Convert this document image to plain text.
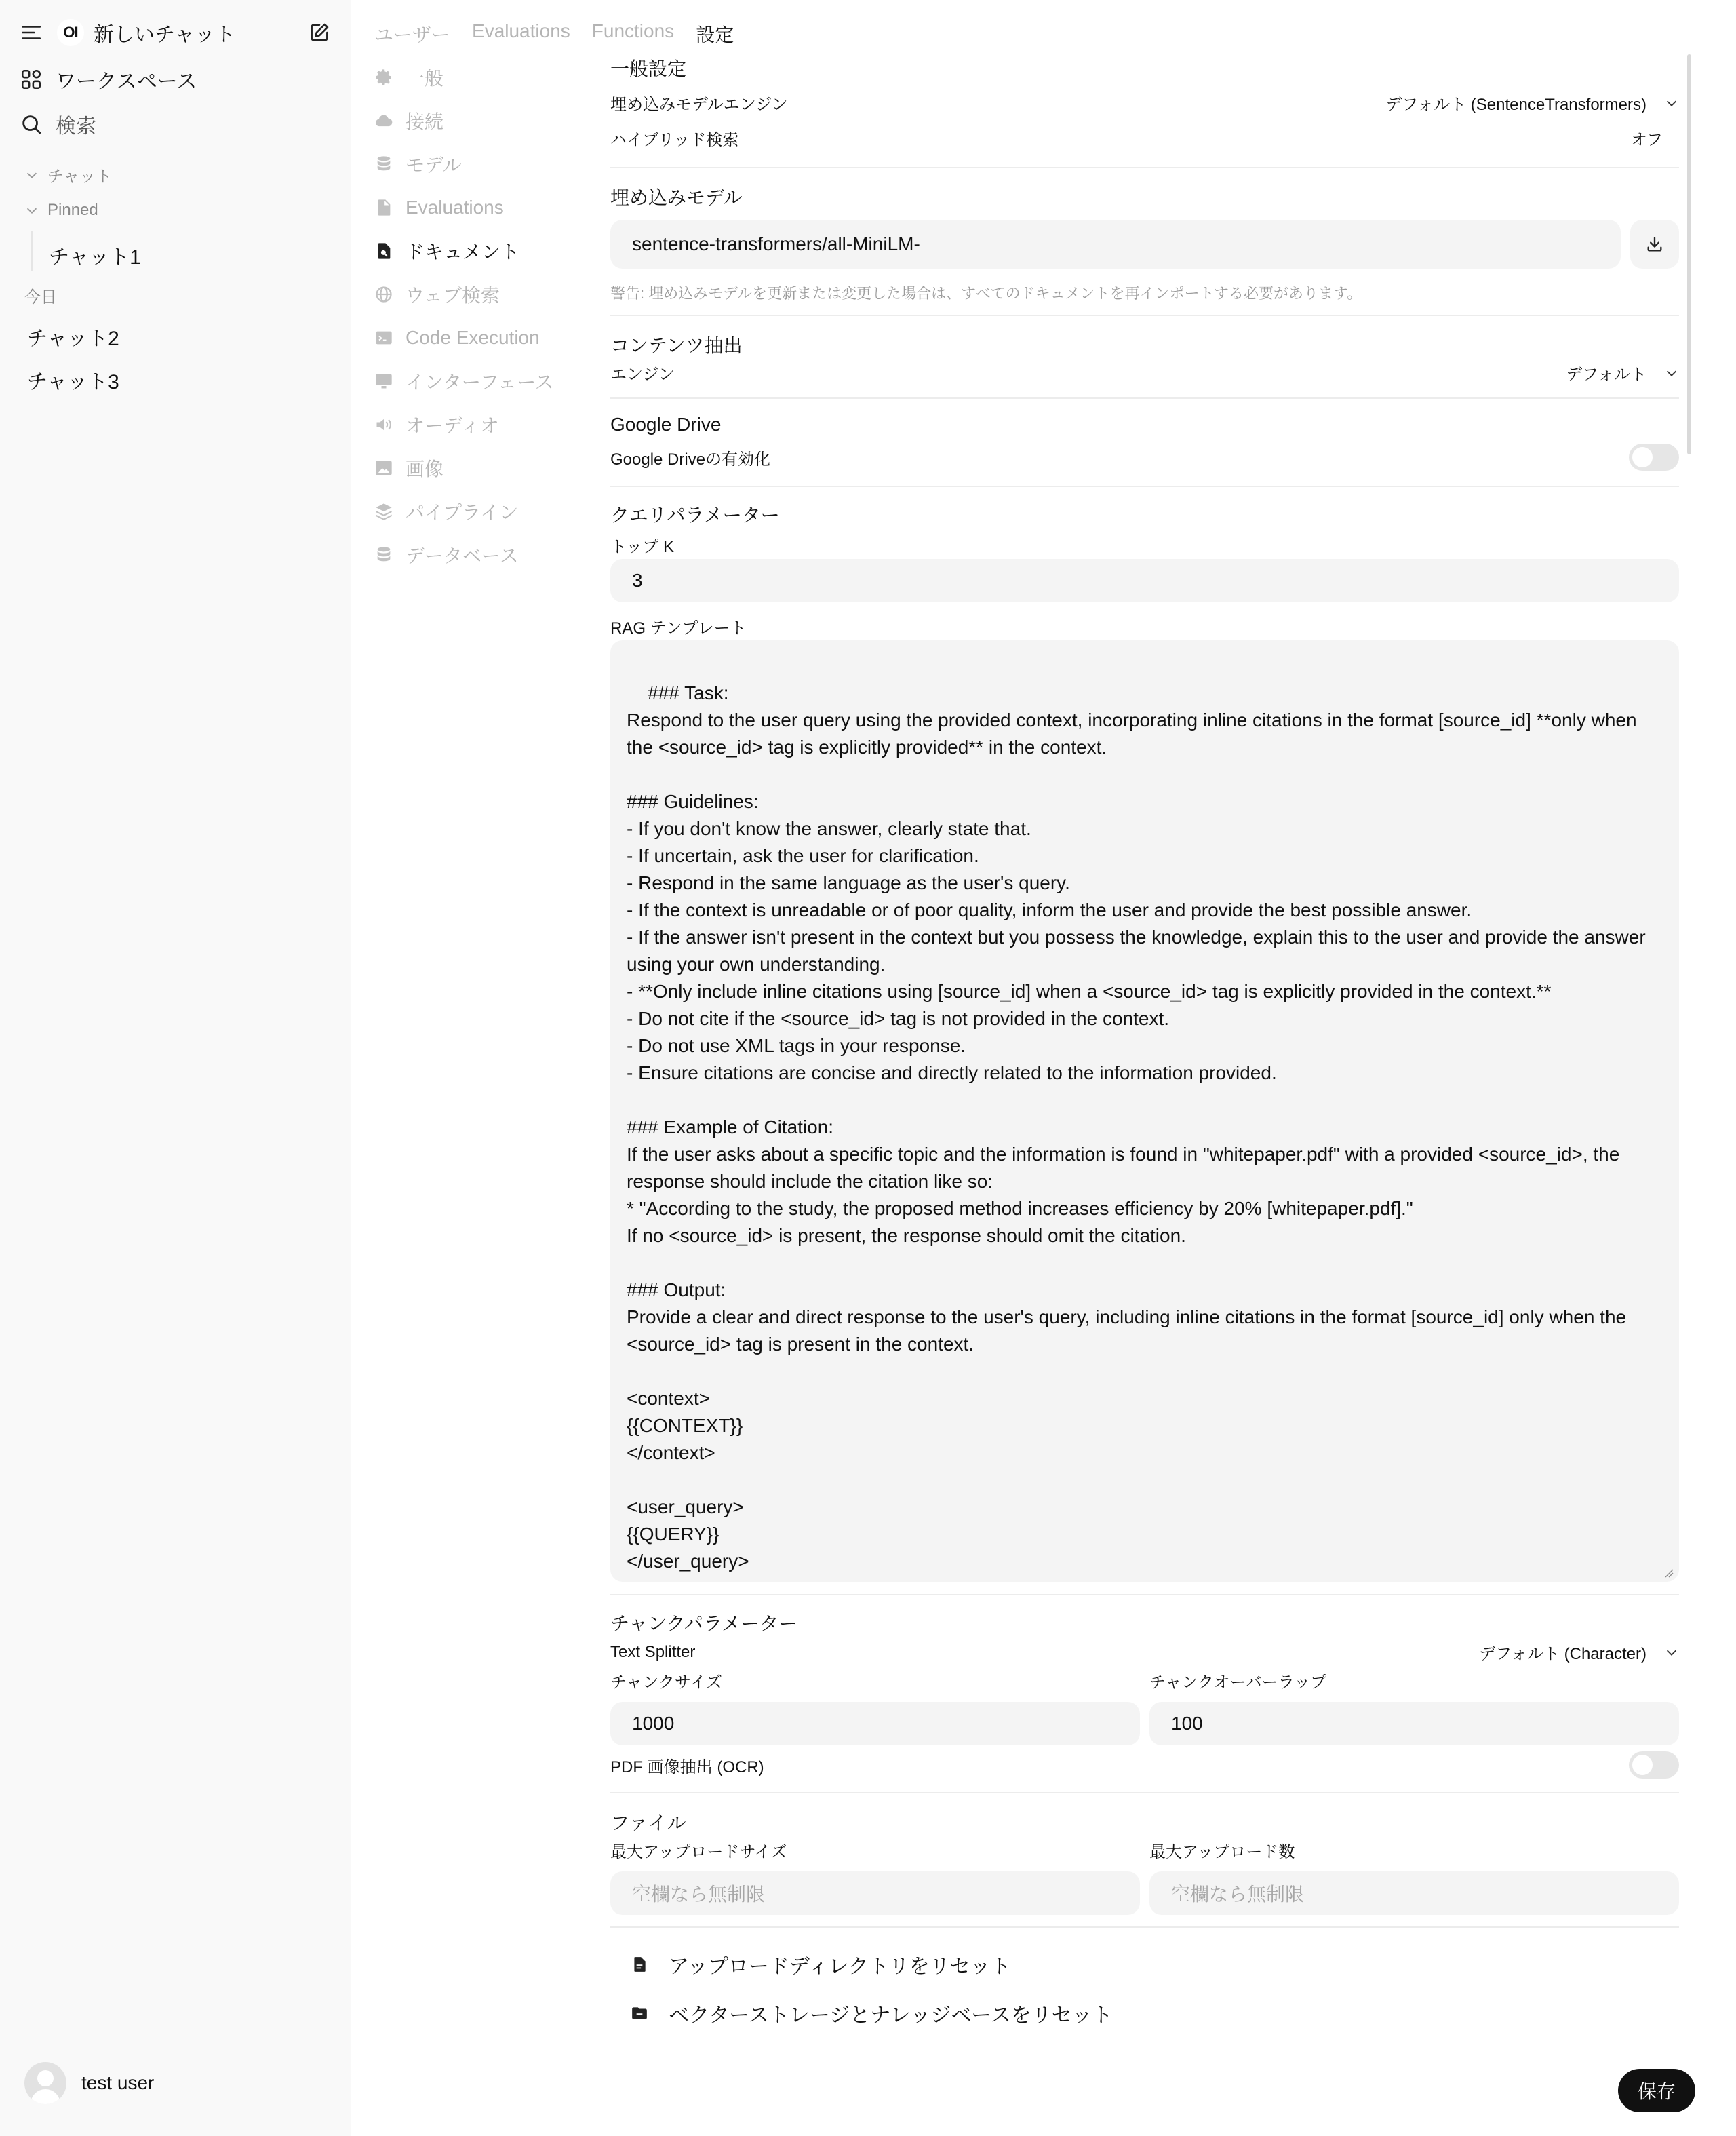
OI 新しいチャット
ワークスペース
検索
チャット
Pinned
チャット1
今日
チャット2
チャット3
test user
ユーザー Evaluations Functions 設定
一般
接続
モデル
Evaluations
ドキュメント
ウェブ検索
Code Execution
インターフェース
オーディオ
画像
パイプライン
データベース
一般設定
埋め込みモデルエンジン	デフォルト (SentenceTransformers)
ハイブリッド検索	オフ
埋め込みモデル
sentence-transformers/all-MiniLM-
警告: 埋め込みモデルを更新または変更した場合は、すべてのドキュメントを再インポートする必要があります。
コンテンツ抽出
エンジン	デフォルト
Google Drive
Google Driveの有効化
クエリパラメーター
トップ K
3
RAG テンプレート

### Task:
Respond to the user query using the provided context, incorporating inline citations in the format [source_id] **only when the <source_id> tag is explicitly provided** in the context.

### Guidelines:
- If you don't know the answer, clearly state that.
- If uncertain, ask the user for clarification.
- Respond in the same language as the user's query.
- If the context is unreadable or of poor quality, inform the user and provide the best possible answer.
- If the answer isn't present in the context but you possess the knowledge, explain this to the user and provide the answer using your own understanding.
- **Only include inline citations using [source_id] when a <source_id> tag is explicitly provided in the context.**
- Do not cite if the <source_id> tag is not provided in the context.
- Do not use XML tags in your response.
- Ensure citations are concise and directly related to the information provided.

### Example of Citation:
If the user asks about a specific topic and the information is found in "whitepaper.pdf" with a provided <source_id>, the response should include the citation like so:
* "According to the study, the proposed method increases efficiency by 20% [whitepaper.pdf]."
If no <source_id> is present, the response should omit the citation.

### Output:
Provide a clear and direct response to the user's query, including inline citations in the format [source_id] only when the <source_id> tag is present in the context.

<context>
{{CONTEXT}}
</context>

<user_query>
{{QUERY}}
</user_query>

チャンクパラメーター
Text Splitter	デフォルト (Character)
チャンクサイズ
1000
チャンクオーバーラップ
100
PDF 画像抽出 (OCR)
ファイル
最大アップロードサイズ
空欄なら無制限
最大アップロード数
空欄なら無制限
アップロードディレクトリをリセット
ベクターストレージとナレッジベースをリセット
保存
